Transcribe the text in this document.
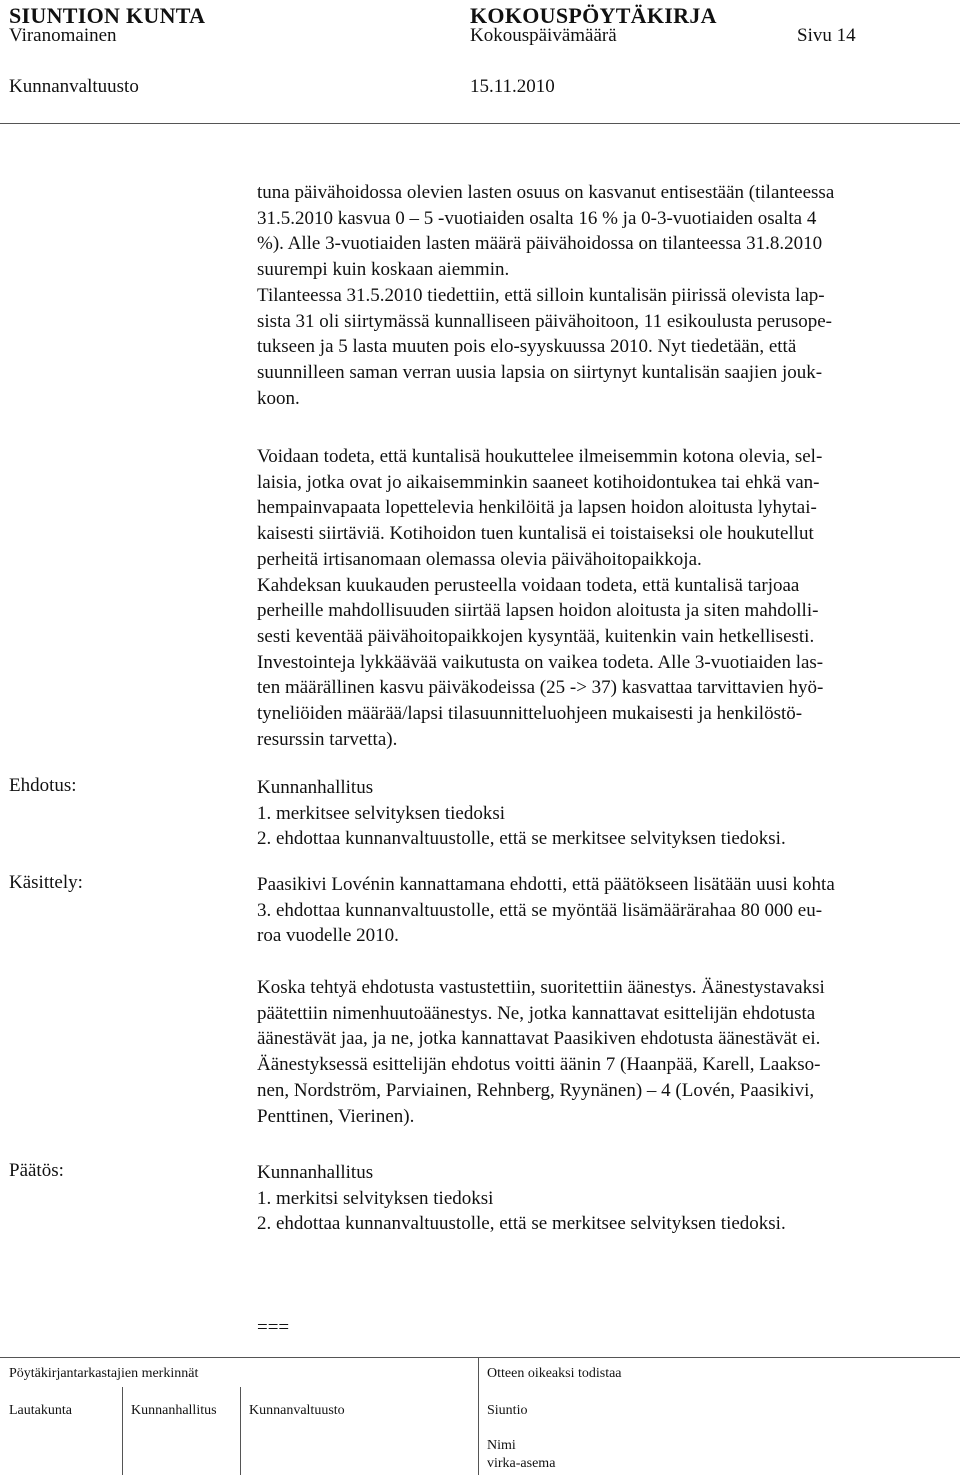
SIUNTION KUNTA	KOKOUSPÖYTÄKIRJA
Viranomainen	Kokouspäivämäärä	Sivu 14
Kunnanvaltuusto	15.11.2010

tuna päivähoidossa olevien lasten osuus on kasvanut entisestään (tilanteessa

31.5.2010 kasvua 0 – 5 -vuotiaiden osalta 16 % ja 0-3-vuotiaiden osalta 4

%). Alle 3-vuotiaiden lasten määrä päivähoidossa on tilanteessa 31.8.2010

suurempi kuin koskaan aiemmin.

Tilanteessa 31.5.2010 tiedettiin, että silloin kuntalisän piirissä olevista lap-

sista 31 oli siirtymässä kunnalliseen päivähoitoon, 11 esikoulusta perusope-

tukseen ja 5 lasta muuten pois elo-syyskuussa 2010. Nyt tiedetään, että

suunnilleen saman verran uusia lapsia on siirtynyt kuntalisän saajien jouk-

koon.

Voidaan todeta, että kuntalisä houkuttelee ilmeisemmin kotona olevia, sel-

laisia, jotka ovat jo aikaisemminkin saaneet kotihoidontukea tai ehkä van-

hempainvapaata lopettelevia henkilöitä ja lapsen hoidon aloitusta lyhytai-

kaisesti siirtäviä. Kotihoidon tuen kuntalisä ei toistaiseksi ole houkutellut

perheitä irtisanomaan olemassa olevia päivähoitopaikkoja.

Kahdeksan kuukauden perusteella voidaan todeta, että kuntalisä tarjoaa

perheille mahdollisuuden siirtää lapsen hoidon aloitusta ja siten mahdolli-

sesti keventää päivähoitopaikkojen kysyntää, kuitenkin vain hetkellisesti.

Investointeja lykkäävää vaikutusta on vaikea todeta. Alle 3-vuotiaiden las-

ten määrällinen kasvu päiväkodeissa (25 -> 37) kasvattaa tarvittavien hyö-

tyneliöiden määrää/lapsi tilasuunnitteluohjeen mukaisesti ja henkilöstö-

resurssin tarvetta).

Ehdotus:	Kunnanhallitus

1. merkitsee selvityksen tiedoksi

2. ehdottaa kunnanvaltuustolle, että se merkitsee selvityksen tiedoksi.

Käsittely:	Paasikivi Lovénin kannattamana ehdotti, että päätökseen lisätään uusi kohta

3. ehdottaa kunnanvaltuustolle, että se myöntää lisämäärärahaa 80 000 eu-

roa vuodelle 2010.

Koska tehtyä ehdotusta vastustettiin, suoritettiin äänestys. Äänestystavaksi

päätettiin nimenhuutoäänestys. Ne, jotka kannattavat esittelijän ehdotusta

äänestävät jaa, ja ne, jotka kannattavat Paasikiven ehdotusta äänestävät ei.

Äänestyksessä esittelijän ehdotus voitti äänin 7 (Haanpää, Karell, Laakso-

nen, Nordström, Parviainen, Rehnberg, Ryynänen) – 4 (Lovén, Paasikivi,

Penttinen, Vierinen).

Päätös:	Kunnanhallitus

1. merkitsi selvityksen tiedoksi

2. ehdottaa kunnanvaltuustolle, että se merkitsee selvityksen tiedoksi.

===
Pöytäkirjantarkastajien merkinnät	Otteen oikeaksi todistaa
Lautakunta	Kunnanhallitus Kunnanvaltuusto	Siuntio
Nimi
virka-asema
